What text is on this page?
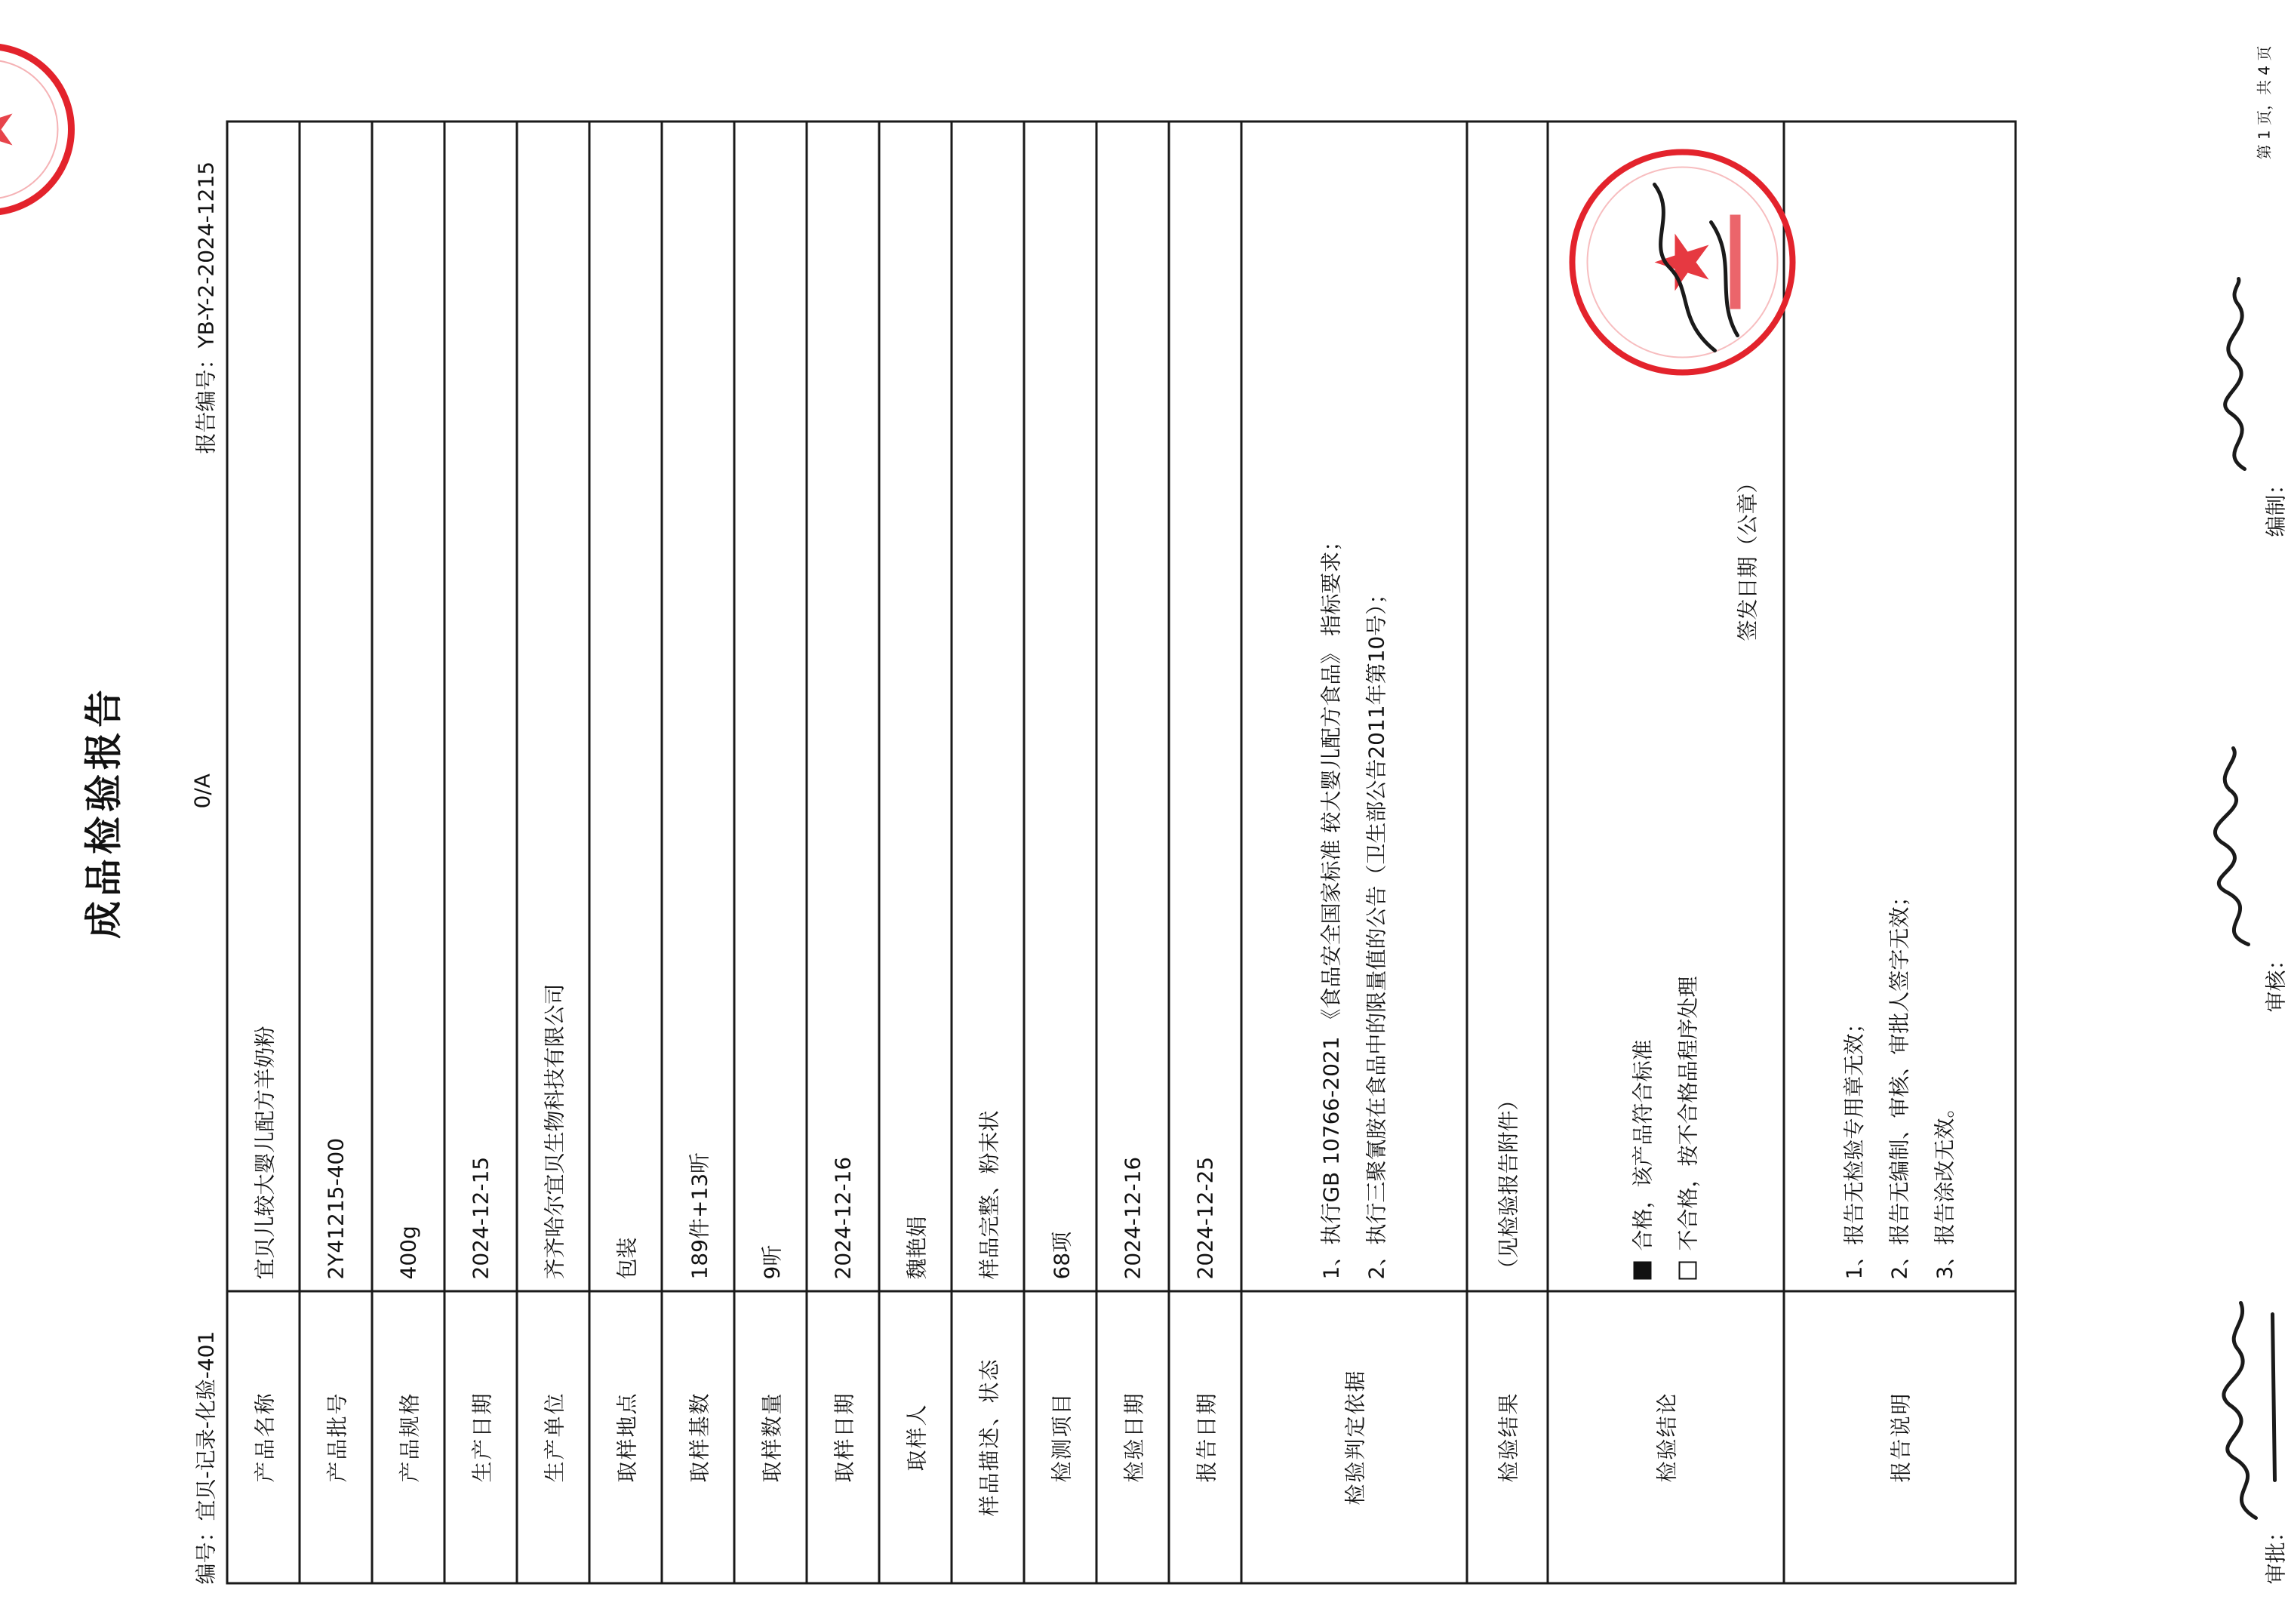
成品检验报告
编号：宜贝-记录-化验-401
0/A
报告编号：YB-Y-2-2024-1215
产品名称	宜贝儿较大婴儿配方羊奶粉
产品批号	2Y41215-400
产品规格	400g
生产日期	2024-12-15
生产单位	齐齐哈尔宜贝生物科技有限公司
取样地点	包装
取样基数	189件+13听
取样数量	9听
取样日期	2024-12-16
取样人	魏艳娟
样品描述、状态	样品完整、粉末状
检测项目	68项
检验日期	2024-12-16
报告日期	2024-12-25
检验判定依据	1、执行GB 10766-2021 《食品安全国家标准 较大婴儿配方食品》 指标要求； 2、执行三聚氰胺在食品中的限量值的公告（卫生部公告2011年第10号）；

检验结果	（见检验报告附件）
检验结论	合格，该产品符合标准 不合格，按不合格品程序处理
签发日期（公章）

报告说明	1、报告无检验专用章无效； 2、报告无编制、审核、审批人签字无效； 3、报告涂改无效。
审批：
审核：
编制：
第 1 页，共 4 页
